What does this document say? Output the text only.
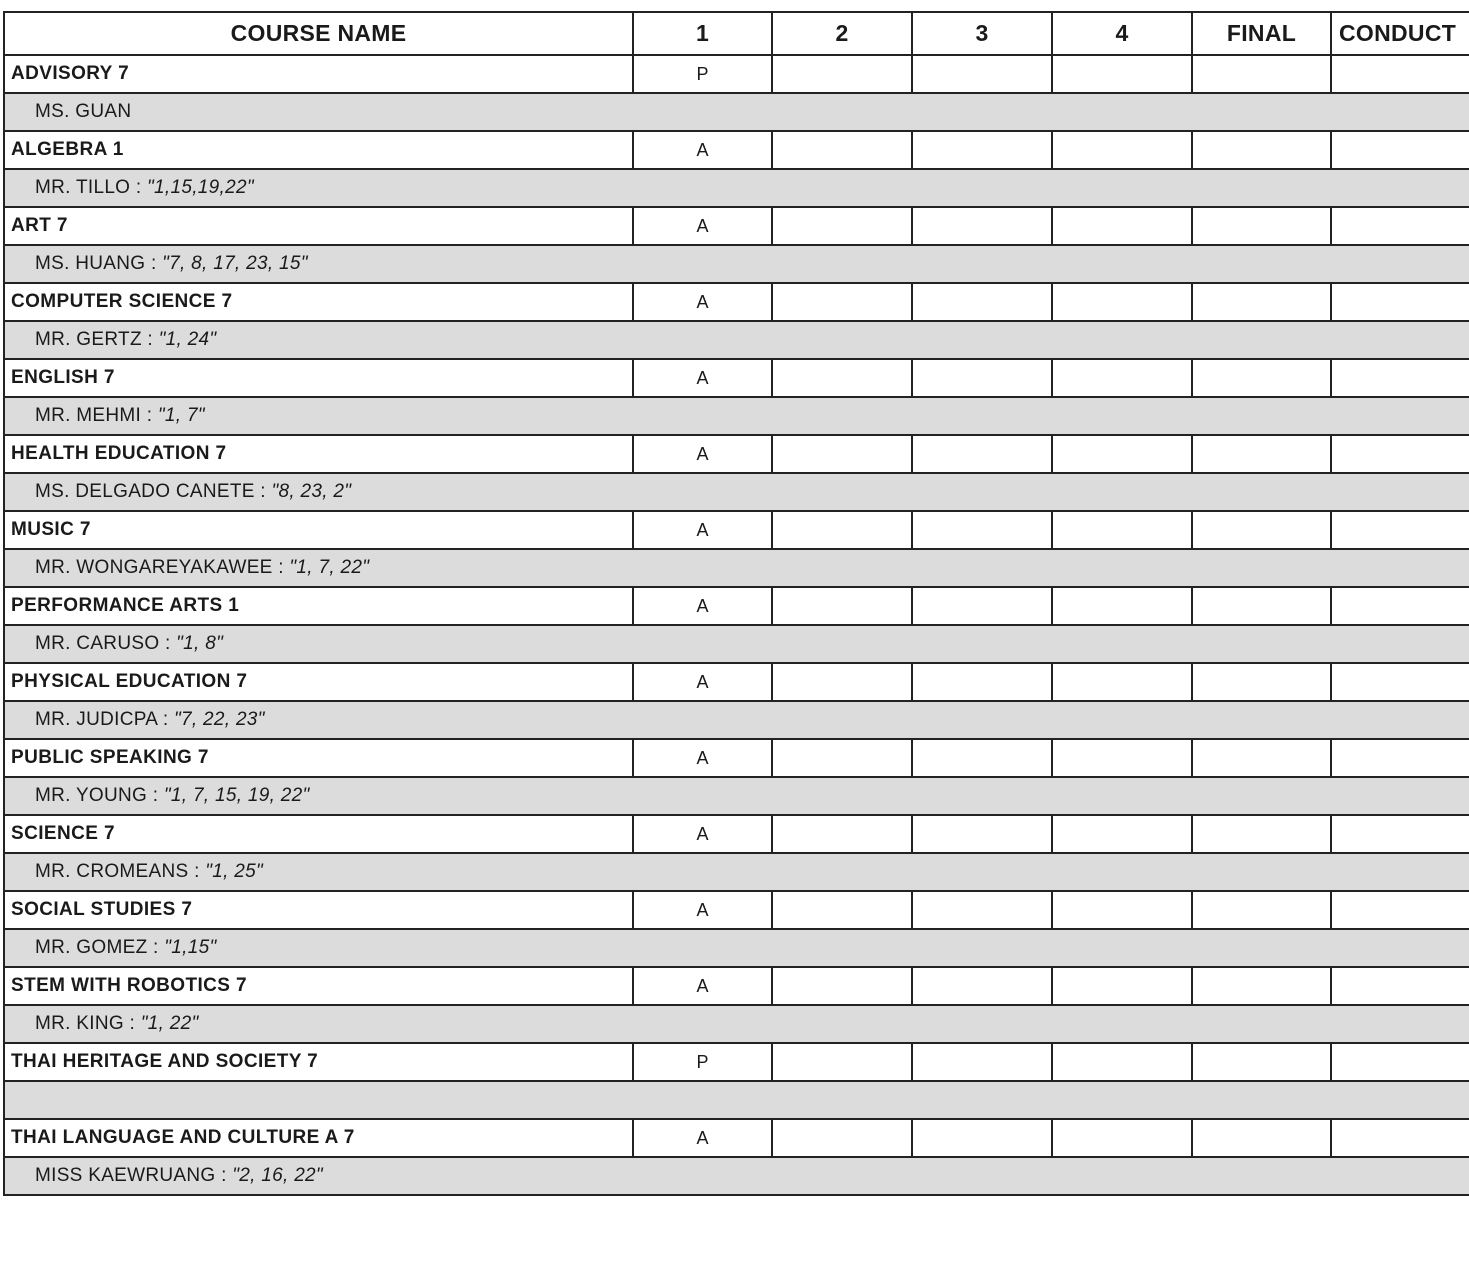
COURSE NAME	1	2	3	4	FINAL	CONDUCT
ADVISORY 7	P					
MS. GUAN						
ALGEBRA 1	A					
MR. TILLO : "1,15,19,22"						
ART 7	A					
MS. HUANG : "7, 8, 17, 23, 15"						
COMPUTER SCIENCE 7	A					
MR. GERTZ : "1, 24"						
ENGLISH 7	A					
MR. MEHMI : "1, 7"						
HEALTH EDUCATION 7	A					
MS. DELGADO CANETE : "8, 23, 2"						
MUSIC 7	A					
MR. WONGAREYAKAWEE : "1, 7, 22"						
PERFORMANCE ARTS 1	A					
MR. CARUSO : "1, 8"						
PHYSICAL EDUCATION 7	A					
MR. JUDICPA : "7, 22, 23"						
PUBLIC SPEAKING 7	A					
MR. YOUNG : "1, 7, 15, 19, 22"						
SCIENCE 7	A					
MR. CROMEANS : "1, 25"						
SOCIAL STUDIES 7	A					
MR. GOMEZ : "1,15"						
STEM WITH ROBOTICS 7	A					
MR. KING : "1, 22"						
THAI HERITAGE AND SOCIETY 7	P					

THAI LANGUAGE AND CULTURE A 7	A					
MISS KAEWRUANG : "2, 16, 22"						
